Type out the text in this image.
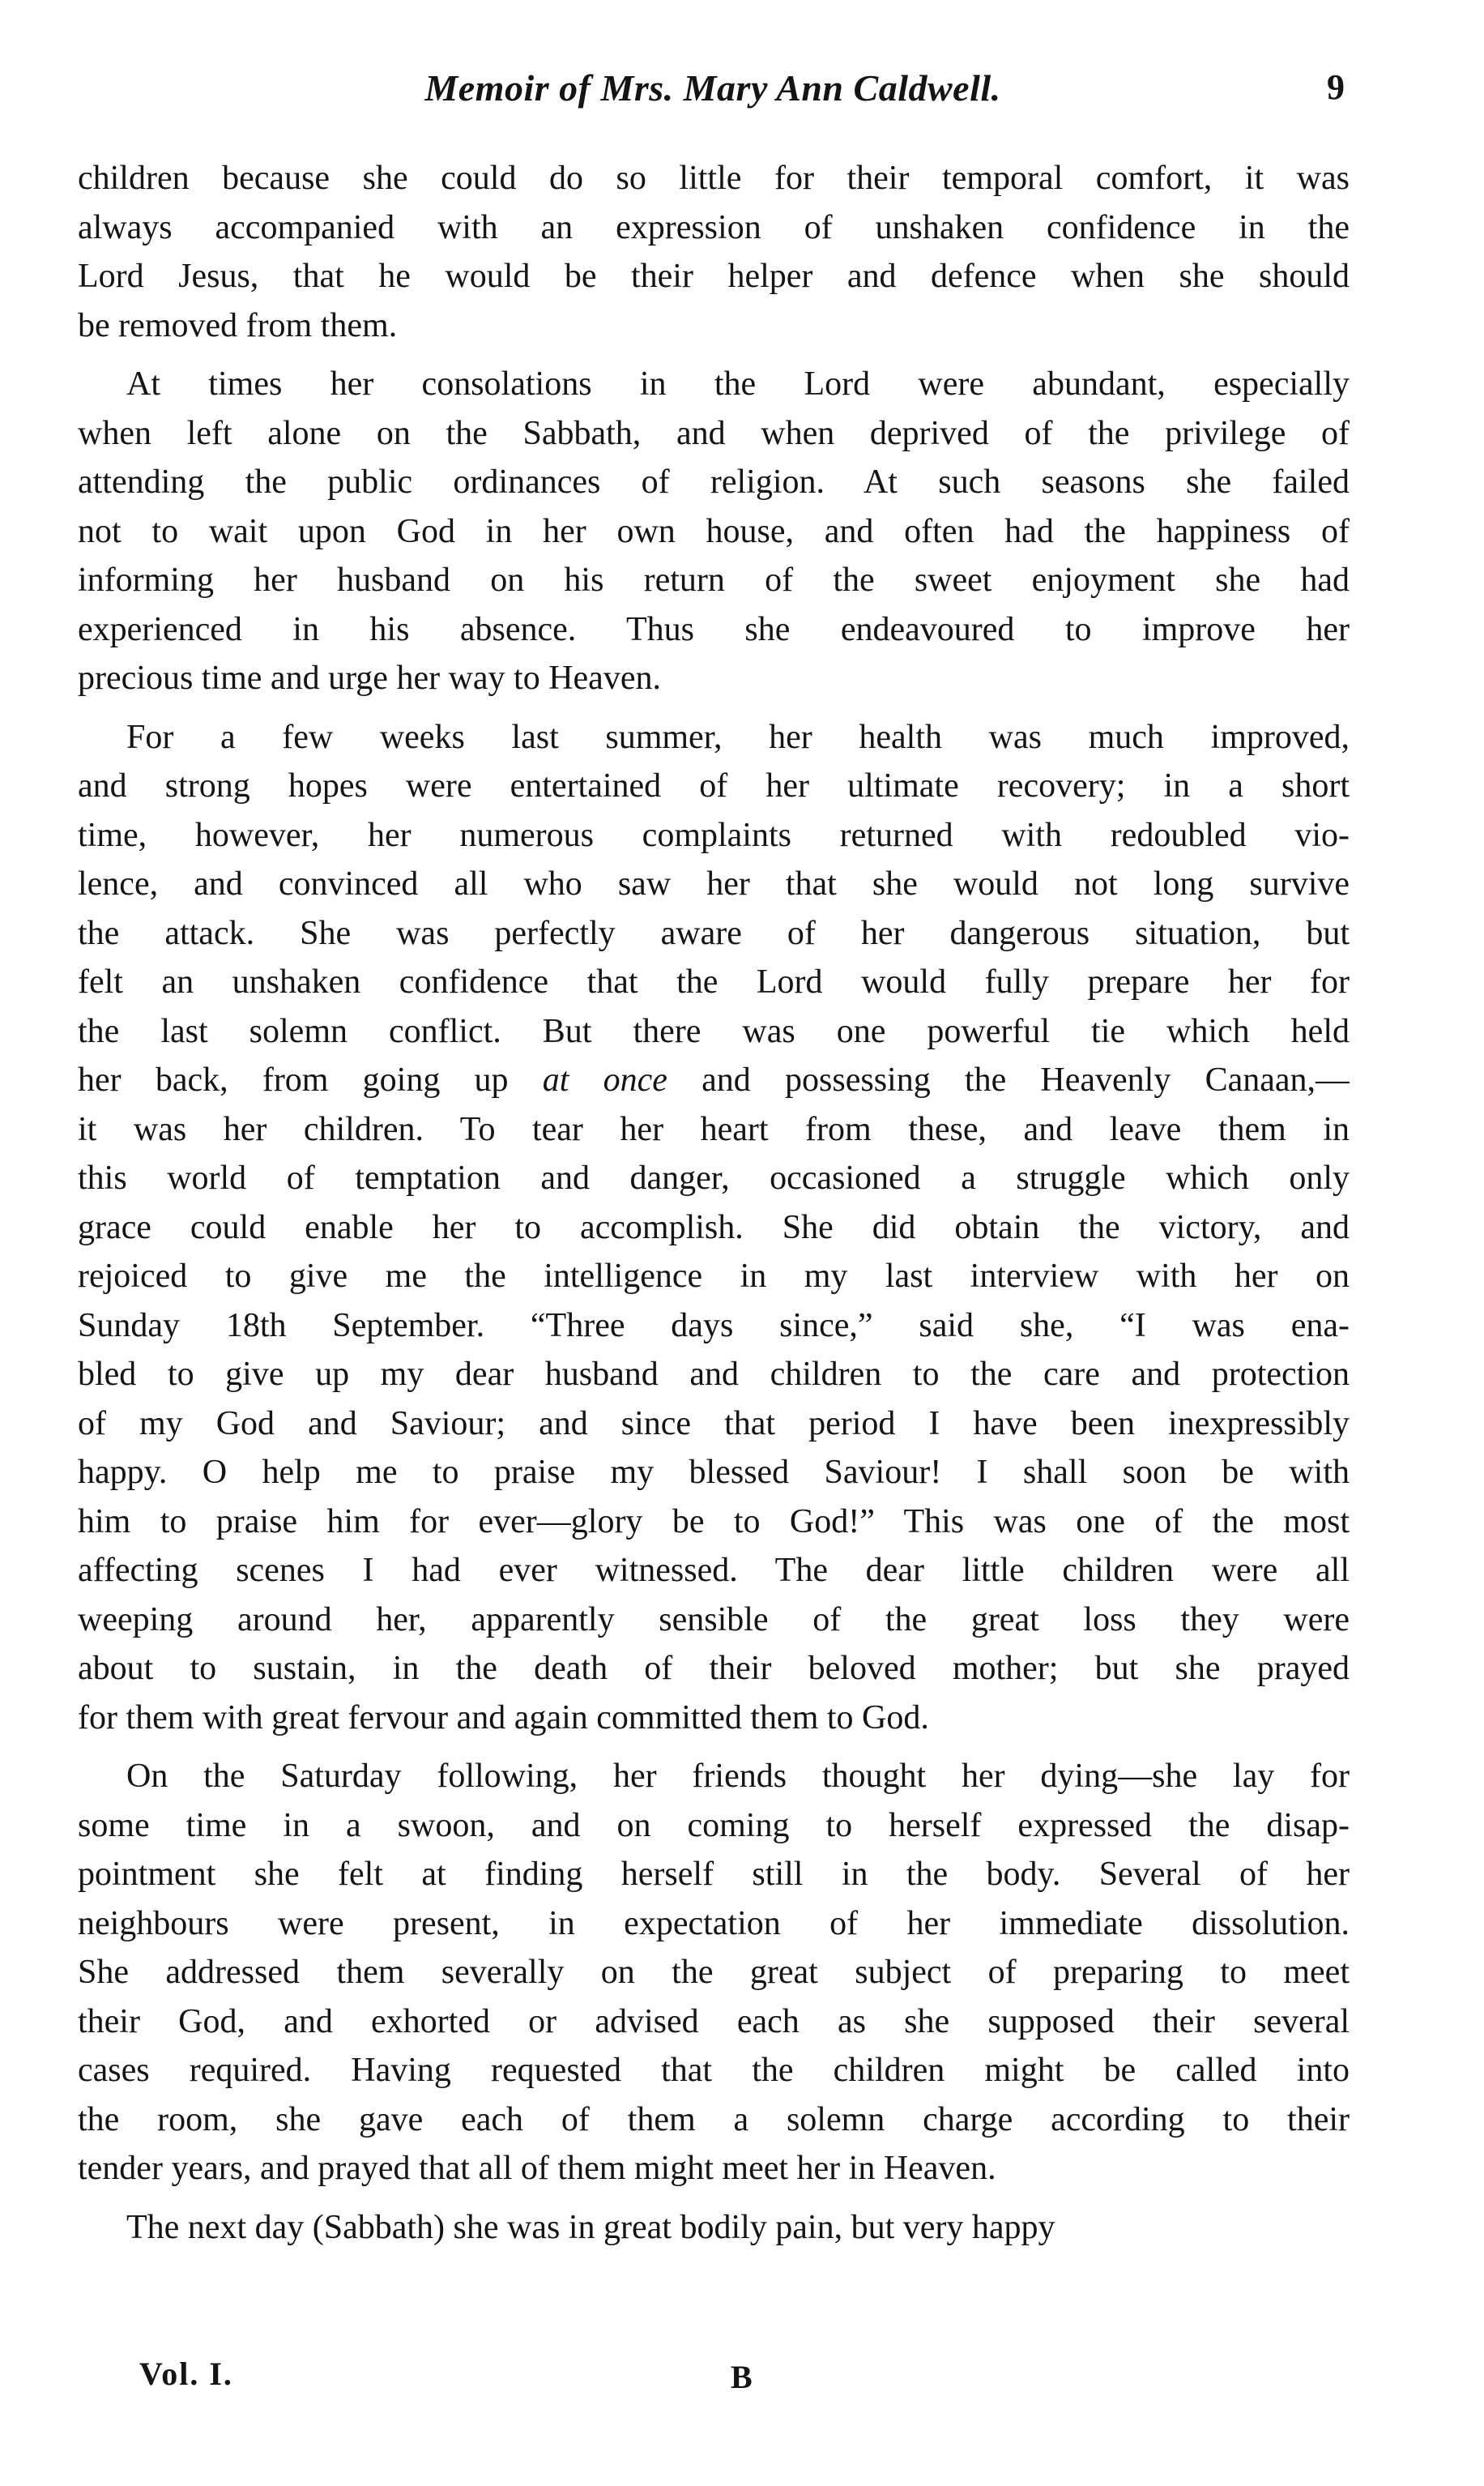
Memoir of Mrs. Mary Ann Caldwell.	9
children because she could do so little for their temporal comfort, it was
always accompanied with an expression of unshaken confidence in the
Lord Jesus, that he would be their helper and defence when she should
be removed from them.
At times her consolations in the Lord were abundant, especially
when left alone on the Sabbath, and when deprived of the privilege of
attending the public ordinances of religion. At such seasons she failed
not to wait upon God in her own house, and often had the happiness of
informing her husband on his return of the sweet enjoyment she had
experienced in his absence. Thus she endeavoured to improve her
precious time and urge her way to Heaven.
For a few weeks last summer, her health was much improved,
and strong hopes were entertained of her ultimate recovery; in a short
time, however, her numerous complaints returned with redoubled vio-
lence, and convinced all who saw her that she would not long survive
the attack. She was perfectly aware of her dangerous situation, but
felt an unshaken confidence that the Lord would fully prepare her for
the last solemn conflict. But there was one powerful tie which held
her back, from going up at once and possessing the Heavenly Canaan,—
it was her children. To tear her heart from these, and leave them in
this world of temptation and danger, occasioned a struggle which only
grace could enable her to accomplish. She did obtain the victory, and
rejoiced to give me the intelligence in my last interview with her on
Sunday 18th September. “Three days since,” said she, “I was ena-
bled to give up my dear husband and children to the care and protection
of my God and Saviour; and since that period I have been inexpressibly
happy. O help me to praise my blessed Saviour! I shall soon be with
him to praise him for ever—glory be to God!” This was one of the most
affecting scenes I had ever witnessed. The dear little children were all
weeping around her, apparently sensible of the great loss they were
about to sustain, in the death of their beloved mother; but she prayed
for them with great fervour and again committed them to God.
On the Saturday following, her friends thought her dying—she lay for
some time in a swoon, and on coming to herself expressed the disap-
pointment she felt at finding herself still in the body. Several of her
neighbours were present, in expectation of her immediate dissolution.
She addressed them severally on the great subject of preparing to meet
their God, and exhorted or advised each as she supposed their several
cases required. Having requested that the children might be called into
the room, she gave each of them a solemn charge according to their
tender years, and prayed that all of them might meet her in Heaven.
The next day (Sabbath) she was in great bodily pain, but very happy
Vol. I.	B
